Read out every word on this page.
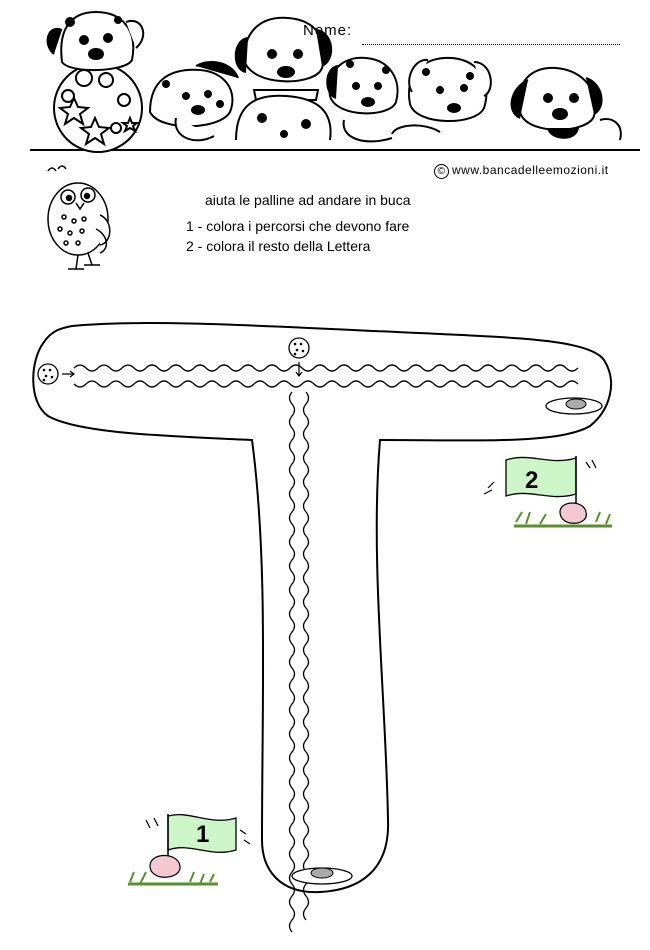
Nome:
© www.bancadelleemozioni.it
aiuta le palline ad andare in buca
1 - colora i percorsi che devono fare
2 - colora il resto della Lettera
2
1
